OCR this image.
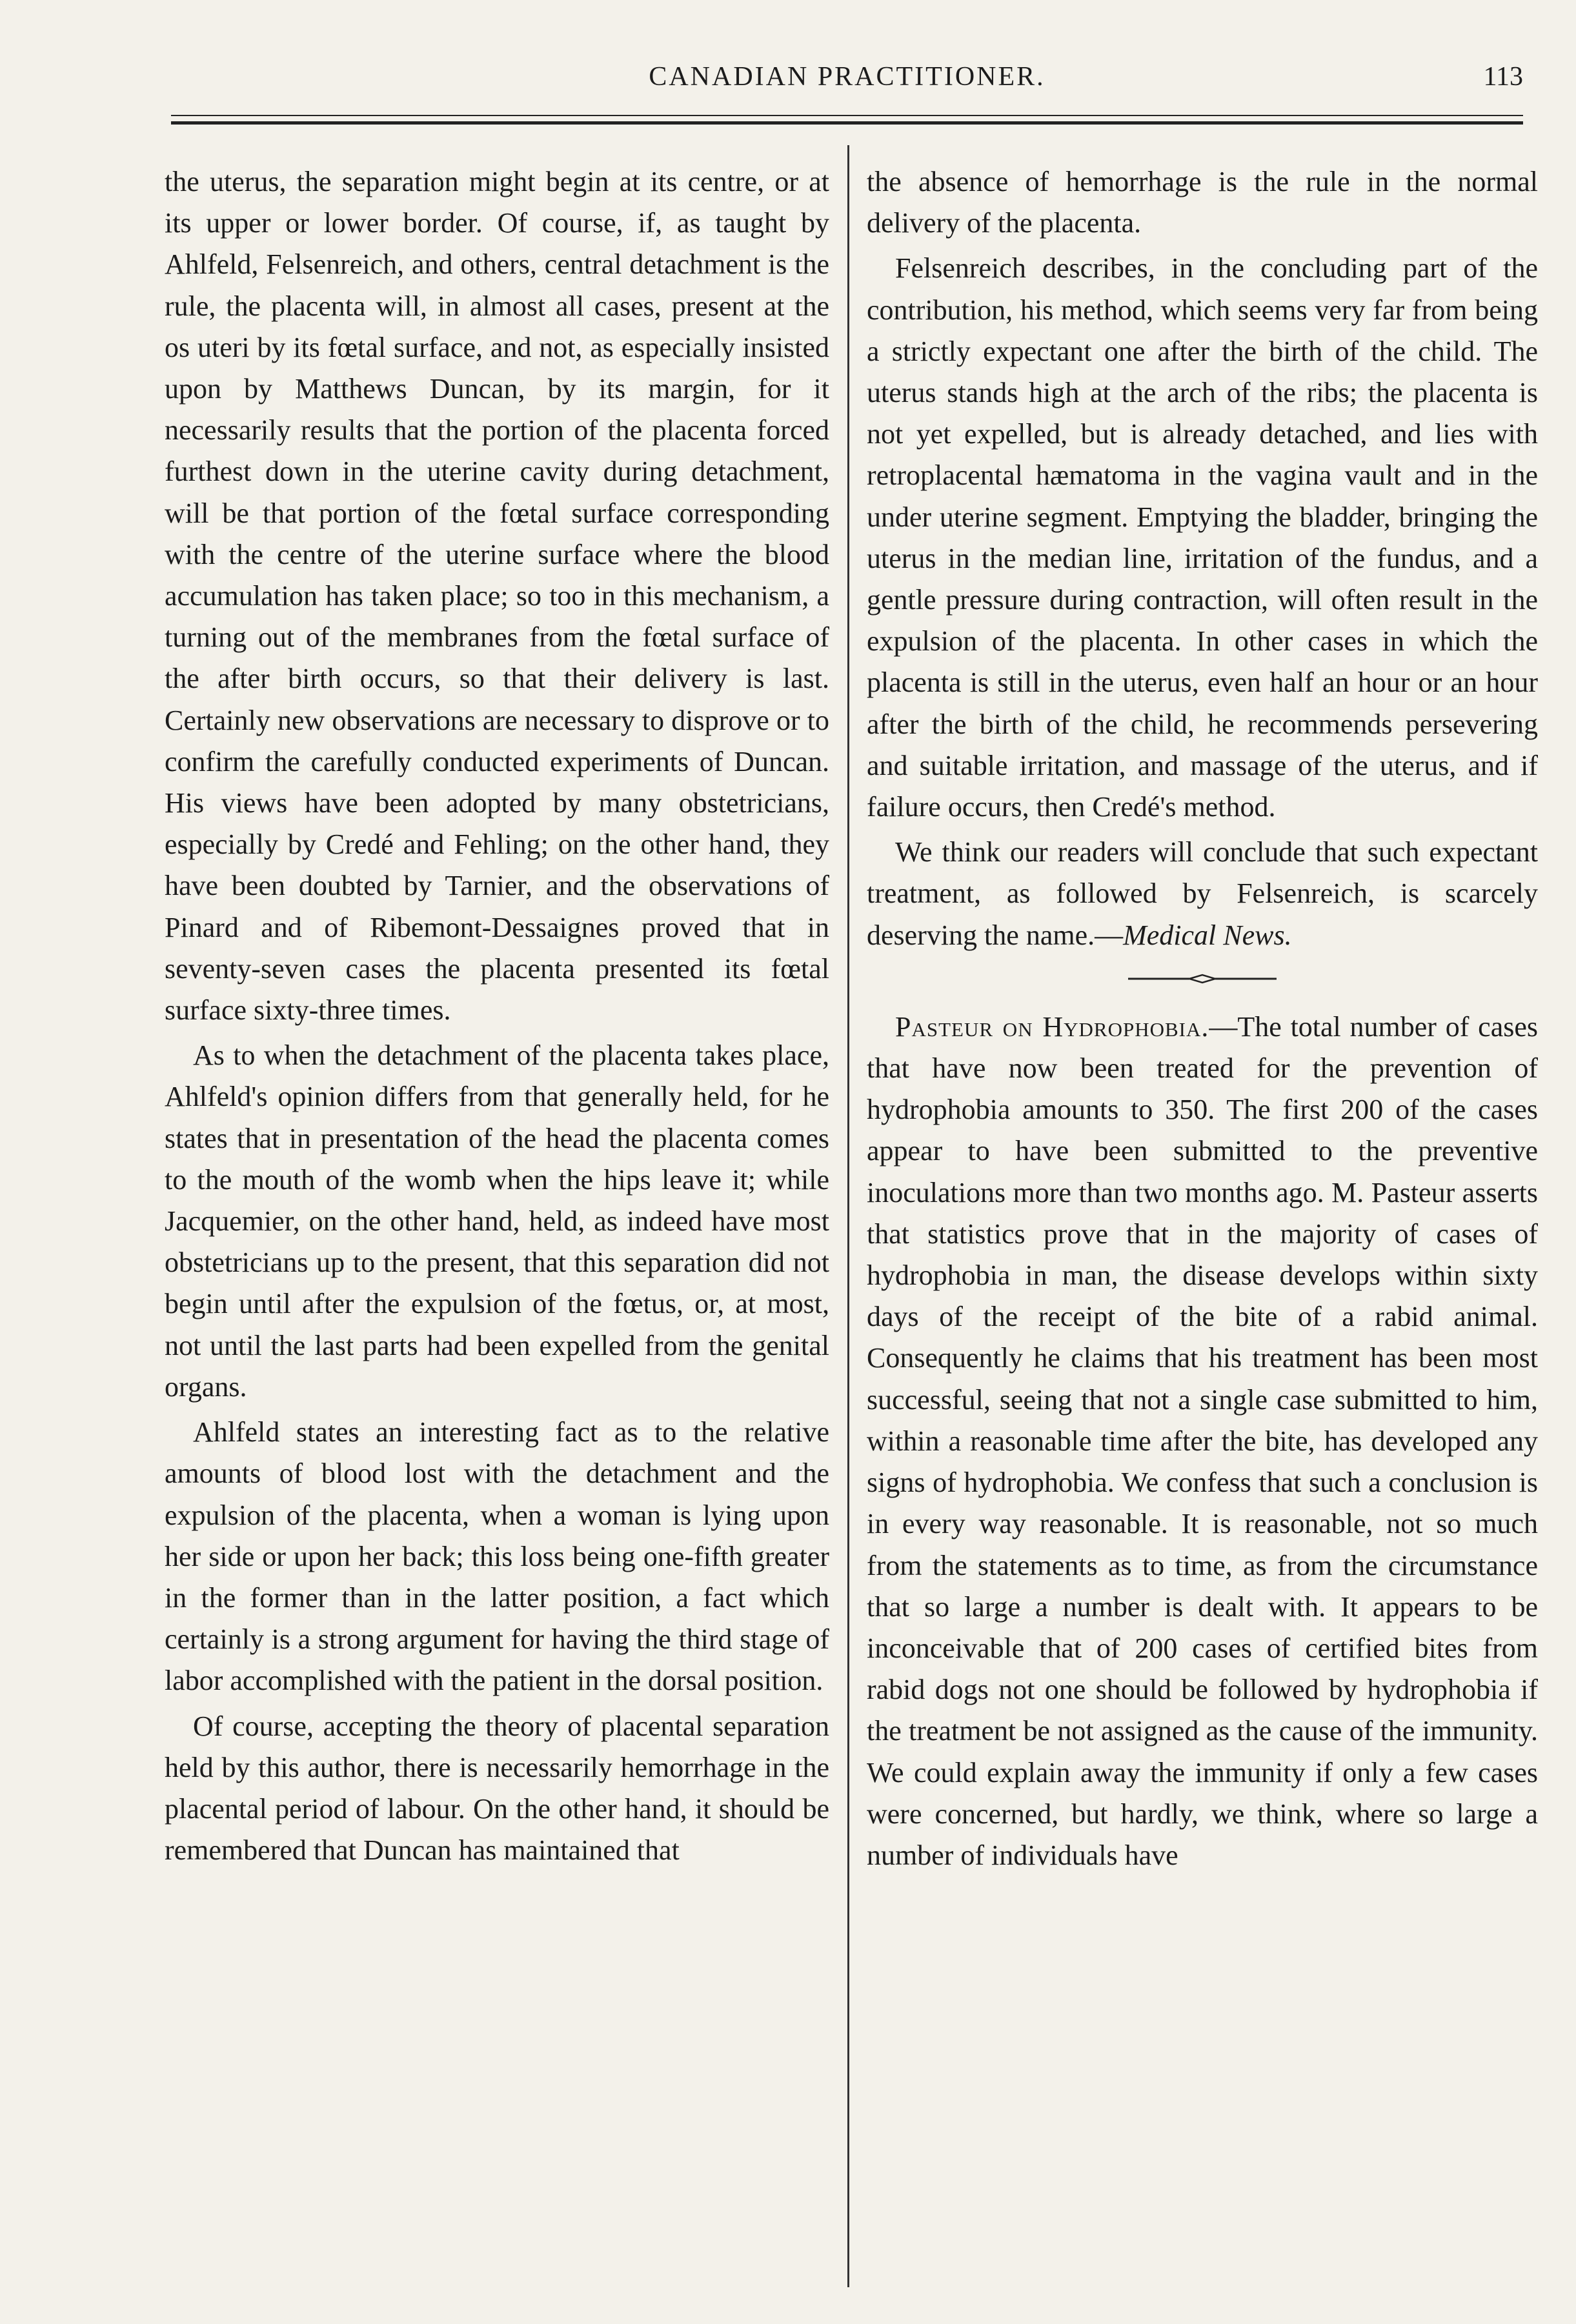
CANADIAN PRACTITIONER.	113

the uterus, the separation might begin at its centre, or at its upper or lower border. Of course, if, as taught by Ahlfeld, Felsenreich, and others, central detachment is the rule, the placenta will, in almost all cases, present at the os uteri by its fœtal surface, and not, as especially insisted upon by Matthews Duncan, by its margin, for it necessarily results that the portion of the placenta forced furthest down in the uterine cavity during detachment, will be that portion of the fœtal surface corresponding with the centre of the uterine surface where the blood accumulation has taken place; so too in this mechanism, a turning out of the membranes from the fœtal surface of the after birth occurs, so that their delivery is last. Certainly new observations are necessary to disprove or to confirm the carefully conducted experiments of Duncan. His views have been adopted by many obstetricians, especially by Credé and Fehling; on the other hand, they have been doubted by Tarnier, and the observations of Pinard and of Ribemont-Dessaignes proved that in seventy-seven cases the placenta presented its fœtal surface sixty-three times.

As to when the detachment of the placenta takes place, Ahlfeld's opinion differs from that generally held, for he states that in presentation of the head the placenta comes to the mouth of the womb when the hips leave it; while Jacquemier, on the other hand, held, as indeed have most obstetricians up to the present, that this separation did not begin until after the expulsion of the fœtus, or, at most, not until the last parts had been expelled from the genital organs.

Ahlfeld states an interesting fact as to the relative amounts of blood lost with the detachment and the expulsion of the placenta, when a woman is lying upon her side or upon her back; this loss being one-fifth greater in the former than in the latter position, a fact which certainly is a strong argument for having the third stage of labor accomplished with the patient in the dorsal position.

Of course, accepting the theory of placental separation held by this author, there is necessarily hemorrhage in the placental period of labour. On the other hand, it should be remembered that Duncan has maintained that

the absence of hemorrhage is the rule in the normal delivery of the placenta.

Felsenreich describes, in the concluding part of the contribution, his method, which seems very far from being a strictly expectant one after the birth of the child. The uterus stands high at the arch of the ribs; the placenta is not yet expelled, but is already detached, and lies with retroplacental hæmatoma in the vagina vault and in the under uterine segment. Emptying the bladder, bringing the uterus in the median line, irritation of the fundus, and a gentle pressure during contraction, will often result in the expulsion of the placenta. In other cases in which the placenta is still in the uterus, even half an hour or an hour after the birth of the child, he recommends persevering and suitable irritation, and massage of the uterus, and if failure occurs, then Credé's method.

We think our readers will conclude that such expectant treatment, as followed by Felsenreich, is scarcely deserving the name.—Medical News.

Pasteur on Hydrophobia.—The total number of cases that have now been treated for the prevention of hydrophobia amounts to 350. The first 200 of the cases appear to have been submitted to the preventive inoculations more than two months ago. M. Pasteur asserts that statistics prove that in the majority of cases of hydrophobia in man, the disease develops within sixty days of the receipt of the bite of a rabid animal. Consequently he claims that his treatment has been most successful, seeing that not a single case submitted to him, within a reasonable time after the bite, has developed any signs of hydrophobia. We confess that such a conclusion is in every way reasonable. It is reasonable, not so much from the statements as to time, as from the circumstance that so large a number is dealt with. It appears to be inconceivable that of 200 cases of certified bites from rabid dogs not one should be followed by hydrophobia if the treatment be not assigned as the cause of the immunity. We could explain away the immunity if only a few cases were concerned, but hardly, we think, where so large a number of individuals have
